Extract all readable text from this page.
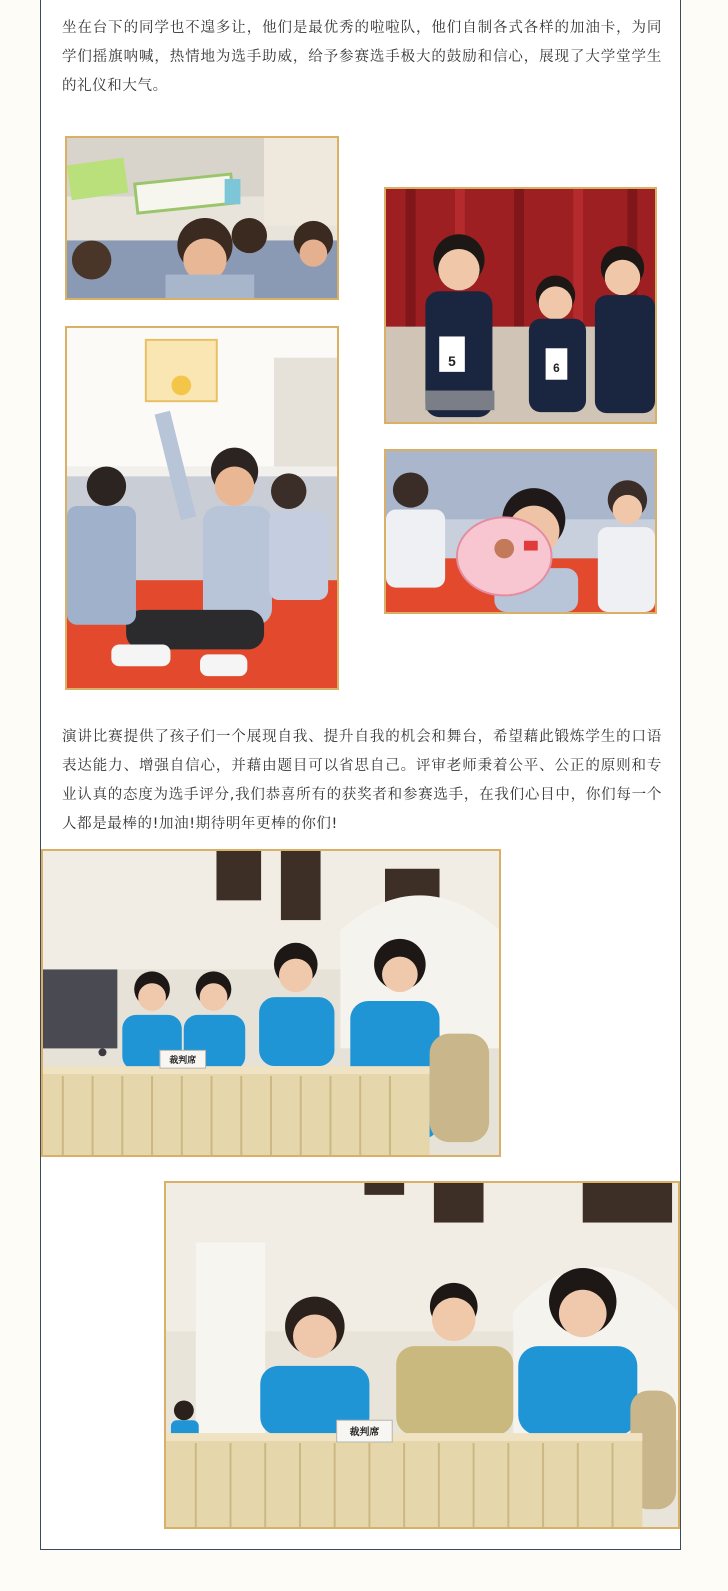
坐在台下的同学也不遑多让，他们是最优秀的啦啦队，他们自制各式各样的加油卡，为同学们摇旗呐喊，热情地为选手助威，给予参赛选手极大的鼓励和信心，展现了大学堂学生的礼仪和大气。

5	6

演讲比赛提供了孩子们一个展现自我、提升自我的机会和舞台，希望藉此锻炼学生的口语表达能力、增强自信心，并藉由题目可以省思自己。评审老师秉着公平、公正的原则和专业认真的态度为选手评分,我们恭喜所有的获奖者和参赛选手，在我们心目中，你们每一个人都是最棒的!加油!期待明年更棒的你们!

裁判席
裁判席
